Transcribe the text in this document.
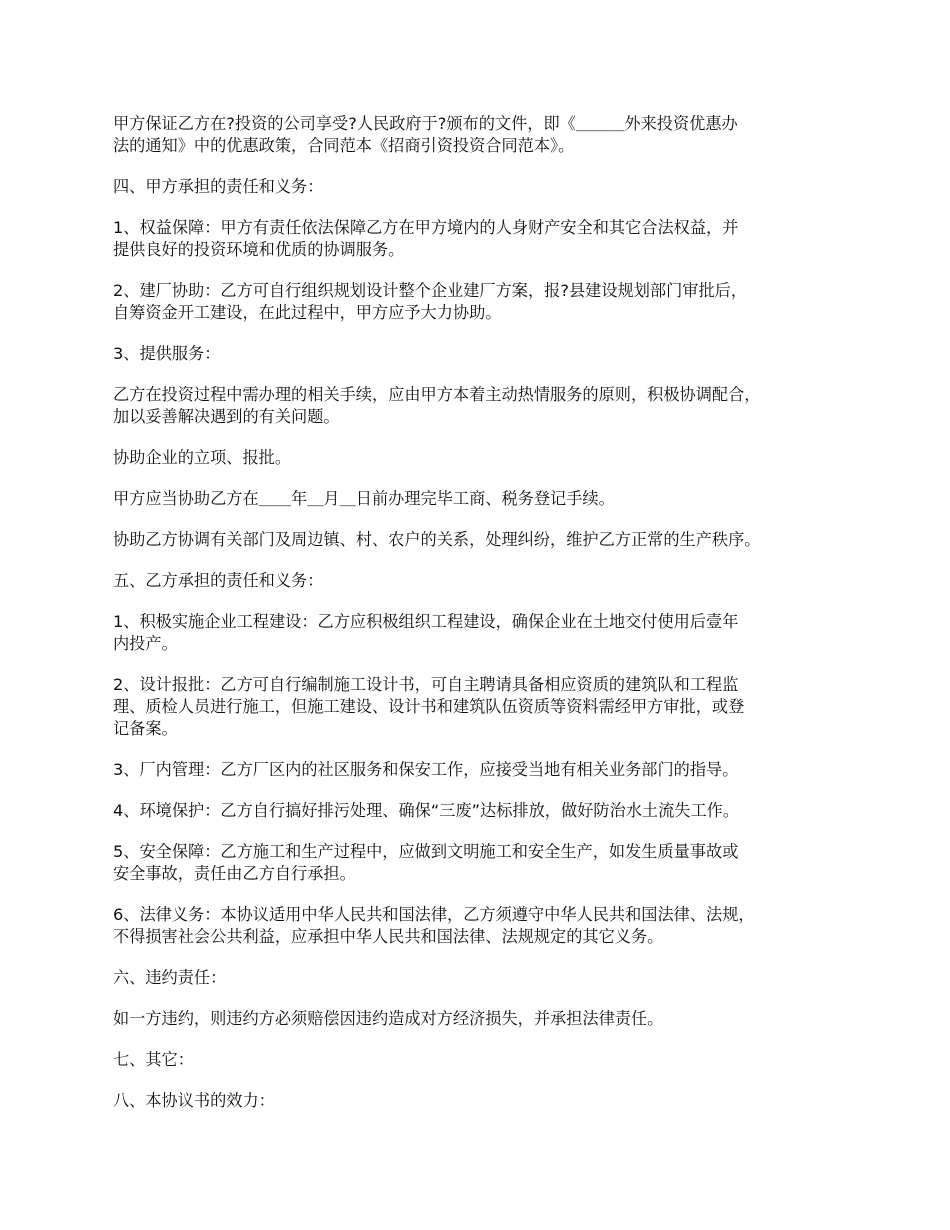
甲方保证乙方在?投资的公司享受?人民政府于?颁布的文件，即《＿＿＿外来投资优惠办
法的通知》中的优惠政策，合同范本《招商引资投资合同范本》。

四、甲方承担的责任和义务：

1、权益保障：甲方有责任依法保障乙方在甲方境内的人身财产安全和其它合法权益，并
提供良好的投资环境和优质的协调服务。

2、建厂协助：乙方可自行组织规划设计整个企业建厂方案，报?县建设规划部门审批后，
自筹资金开工建设，在此过程中，甲方应予大力协助。

3、提供服务：

乙方在投资过程中需办理的相关手续，应由甲方本着主动热情服务的原则，积极协调配合，
加以妥善解决遇到的有关问题。

协助企业的立项、报批。

甲方应当协助乙方在＿＿年＿月＿日前办理完毕工商、税务登记手续。

协助乙方协调有关部门及周边镇、村、农户的关系，处理纠纷，维护乙方正常的生产秩序。

五、乙方承担的责任和义务：

1、积极实施企业工程建设：乙方应积极组织工程建设，确保企业在土地交付使用后壹年
内投产。

2、设计报批：乙方可自行编制施工设计书，可自主聘请具备相应资质的建筑队和工程监
理、质检人员进行施工，但施工建设、设计书和建筑队伍资质等资料需经甲方审批，或登
记备案。

3、厂内管理：乙方厂区内的社区服务和保安工作，应接受当地有相关业务部门的指导。

4、环境保护：乙方自行搞好排污处理、确保“三废”达标排放，做好防治水土流失工作。

5、安全保障：乙方施工和生产过程中，应做到文明施工和安全生产，如发生质量事故或
安全事故，责任由乙方自行承担。

6、法律义务：本协议适用中华人民共和国法律，乙方须遵守中华人民共和国法律、法规，
不得损害社会公共利益，应承担中华人民共和国法律、法规规定的其它义务。

六、违约责任：

如一方违约，则违约方必须赔偿因违约造成对方经济损失，并承担法律责任。

七、其它：

八、本协议书的效力：
